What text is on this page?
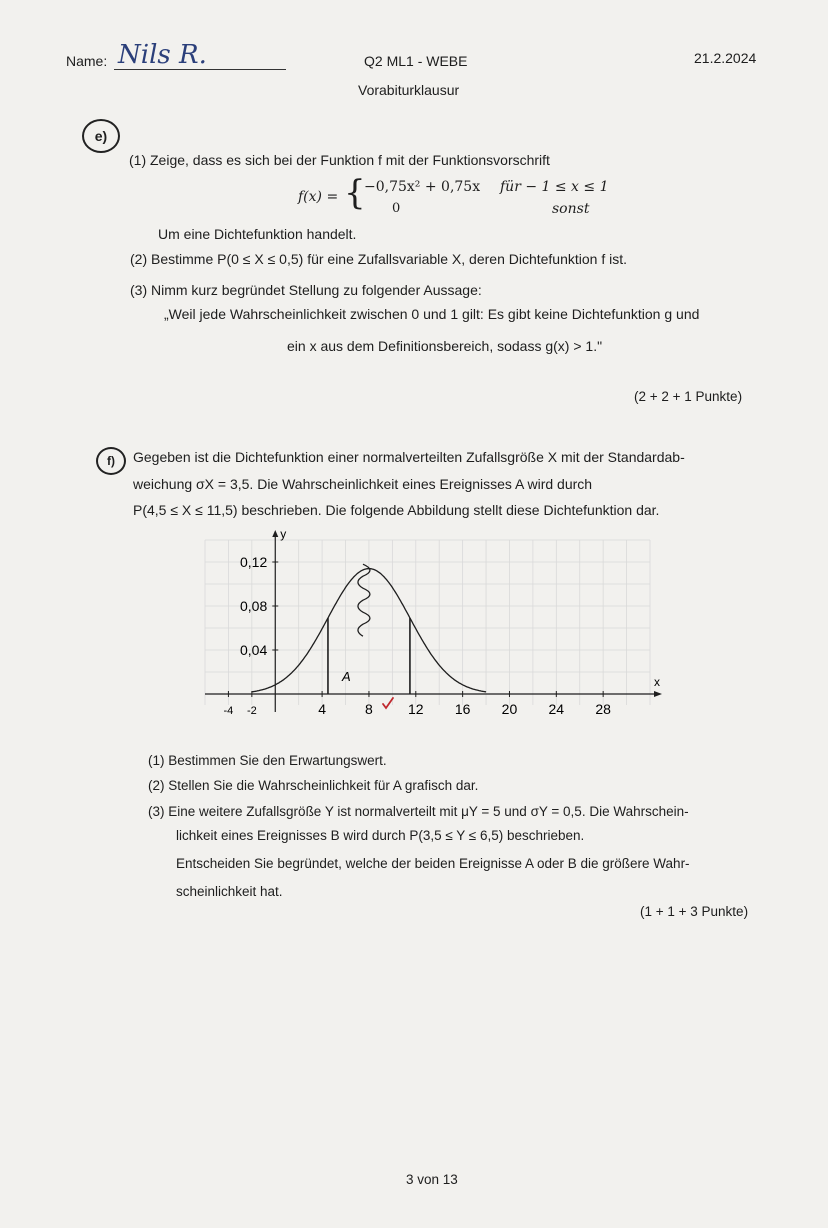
Name: Nils R.	Q2 ML1 - WEBE
Vorabiturklausur
21.2.2024
e)
(1) Zeige, dass es sich bei der Funktion f mit der Funktionsvorschrift
f(x) = {
−0,75x² + 0,75x für − 1 ≤ x ≤ 1
0	sonst
Um eine Dichtefunktion handelt.
(2) Bestimme P(0 ≤ X ≤ 0,5) für eine Zufallsvariable X, deren Dichtefunktion f ist.
(3) Nimm kurz begründet Stellung zu folgender Aussage:
„Weil jede Wahrscheinlichkeit zwischen 0 und 1 gilt: Es gibt keine Dichtefunktion g und
ein x aus dem Definitionsbereich, sodass g(x) > 1."
(2 + 2 + 1 Punkte)
f) Gegeben ist die Dichtefunktion einer normalverteilten Zufallsgröße X mit der Standardab-
weichung σX = 3,5. Die Wahrscheinlichkeit eines Ereignisses A wird durch
P(4,5 ≤ X ≤ 11,5) beschrieben. Die folgende Abbildung stellt diese Dichtefunktion dar.
x
y
-4 -2	4	8	12 16 20 24 28
0,04
0,08
0,12
A
(1) Bestimmen Sie den Erwartungswert.
(2) Stellen Sie die Wahrscheinlichkeit für A grafisch dar.
(3) Eine weitere Zufallsgröße Y ist normalverteilt mit μY = 5 und σY = 0,5. Die Wahrschein-
lichkeit eines Ereignisses B wird durch P(3,5 ≤ Y ≤ 6,5) beschrieben.
Entscheiden Sie begründet, welche der beiden Ereignisse A oder B die größere Wahr-
scheinlichkeit hat.
(1 + 1 + 3 Punkte)
3 von 13
